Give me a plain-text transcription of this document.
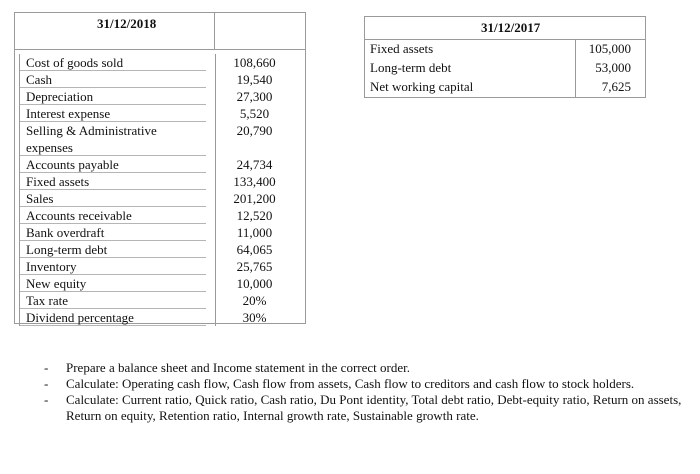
31/12/2018
Cost of goods sold
Cash
Depreciation
Interest expense
Selling & Administrative expenses
Accounts payable
Fixed assets
Sales
Accounts receivable
Bank overdraft
Long-term debt
Inventory
New equity
Tax rate
Dividend percentage
108,660
19,540
27,300
5,520
20,790
24,734
133,400
201,200
12,520
11,000
64,065
25,765
10,000
20%
30%
31/12/2017
Fixed assets
Long-term debt
Net working capital
105,000
53,000
7,625
- Prepare a balance sheet and Income statement in the correct order.
- Calculate: Operating cash flow, Cash flow from assets, Cash flow to creditors and cash flow to stock holders.
- Calculate: Current ratio, Quick ratio, Cash ratio, Du Pont identity, Total debt ratio, Debt-equity ratio, Return on assets, Return on equity, Retention ratio, Internal growth rate, Sustainable growth rate.
